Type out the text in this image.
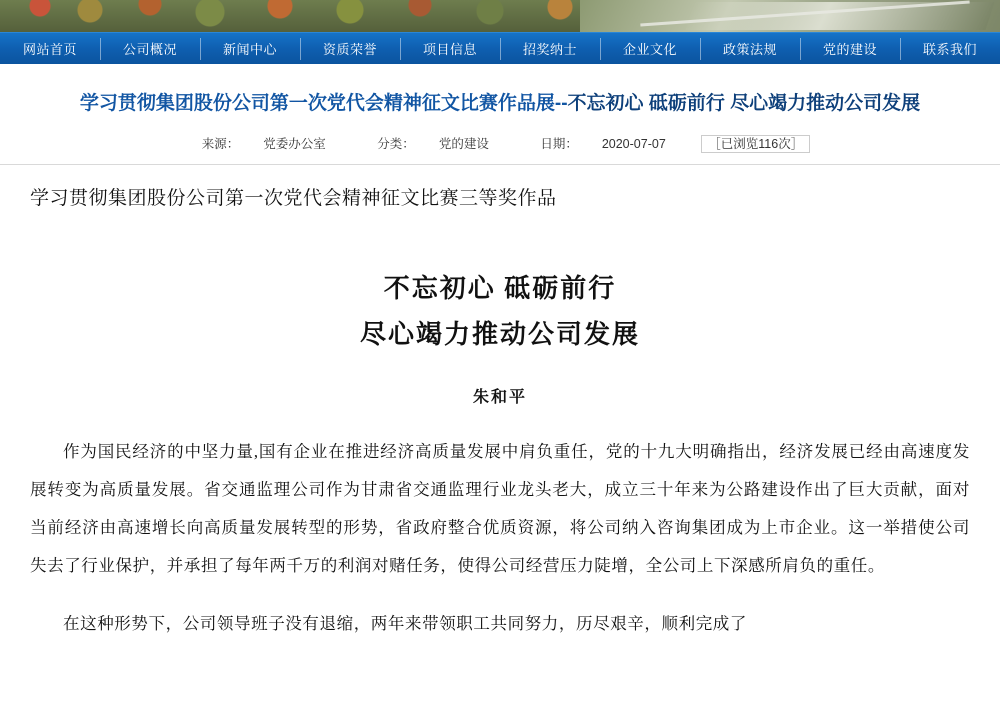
网站首页	公司概况	新闻中心	资质荣誉	项目信息	招奖纳士	企业文化	政策法规	党的建设	联系我们
学习贯彻集团股份公司第一次党代会精神征文比赛作品展--不忘初心 砥砺前行 尽心竭力推动公司发展
来源： 党委办公室	分类： 党的建设	日期： 2020-07-07	［已浏览116次］
学习贯彻集团股份公司第一次党代会精神征文比赛三等奖作品
不忘初心 砥砺前行
尽心竭力推动公司发展
朱和平

作为国民经济的中坚力量,国有企业在推进经济高质量发展中肩负重任，党的十九大明确指出，经济发展已经由高速度发展转变为高质量发展。省交通监理公司作为甘肃省交通监理行业龙头老大，成立三十年来为公路建设作出了巨大贡献，面对当前经济由高速增长向高质量发展转型的形势，省政府整合优质资源，将公司纳入咨询集团成为上市企业。这一举措使公司失去了行业保护，并承担了每年两千万的利润对赌任务，使得公司经营压力陡增，全公司上下深感所肩负的重任。

在这种形势下，公司领导班子没有退缩，两年来带领职工共同努力，历尽艰辛，顺利完成了
